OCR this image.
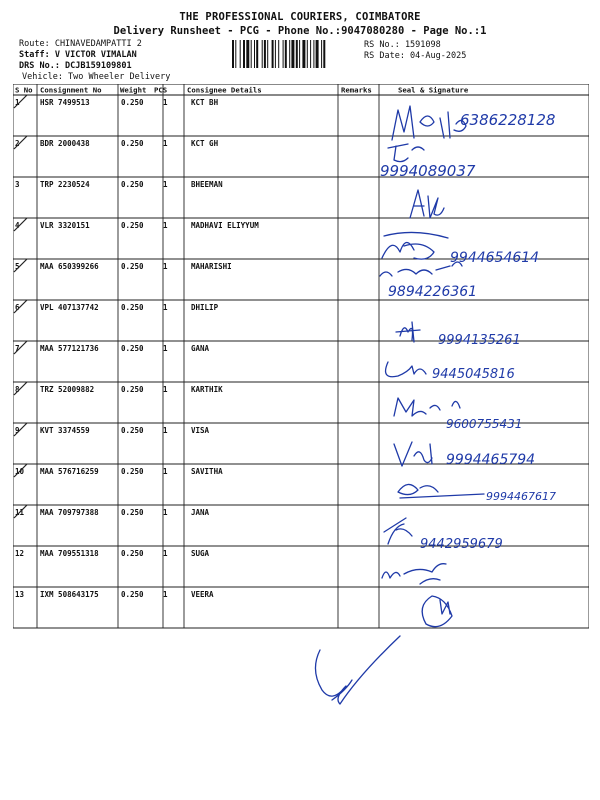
THE PROFESSIONAL COURIERS, COIMBATORE
Delivery Runsheet - PCG - Phone No.:9047080280 - Page No.:1
Route: CHINAVEDAMPATTI 2
Staff: V VICTOR VIMALAN
DRS No.: DCJB159109801
Vehicle: Two Wheeler Delivery
RS No.: 1591098
RS Date: 04-Aug-2025
S No Consignment No	Weight PCS	Consignee Details	Remarks	Seal & Signature
1	HSR 7499513	0.250	1	KCT BH
2	BDR 2000438	0.250	1	KCT GH
3	TRP 2230524	0.250	1	BHEEMAN
4	VLR 3320151	0.250	1	MADHAVI ELIYYUM
5	MAA 650399266	0.250	1	MAHARISHI
6	VPL 407137742	0.250	1	DHILIP
7	MAA 577121736	0.250	1	GANA
8	TRZ 52009882	0.250	1	KARTHIK
9	KVT 3374559	0.250	1	VISA
10 MAA 576716259	0.250	1	SAVITHA
11 MAA 709797388	0.250	1	JANA
12 MAA 709551318	0.250	1	SUGA
13 IXM 508643175	0.250	1	VEERA
6386228128
9994089037
9944654614
9894226361
9994135261
9445045816
9600755431
9994465794
9994467617
9442959679
